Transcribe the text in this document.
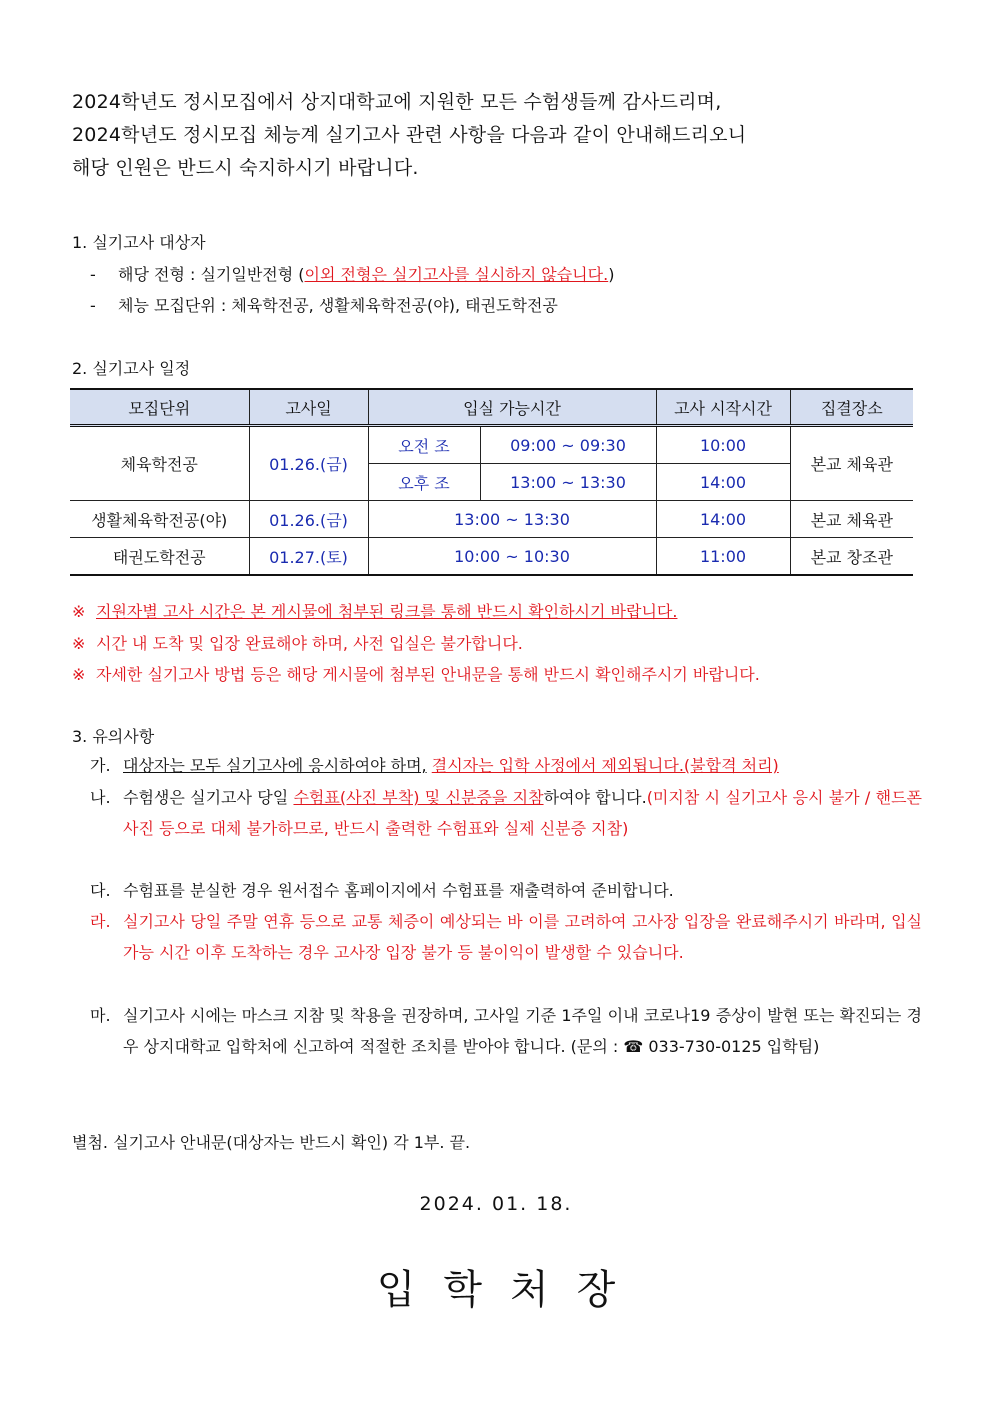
2024학년도 정시모집에서 상지대학교에 지원한 모든 수험생들께 감사드리며,
2024학년도 정시모집 체능계 실기고사 관련 사항을 다음과 같이 안내해드리오니
해당 인원은 반드시 숙지하시기 바랍니다.
1. 실기고사 대상자
- 해당 전형 : 실기일반전형 (이외 전형은 실기고사를 실시하지 않습니다.)
- 체능 모집단위 : 체육학전공, 생활체육학전공(야), 태권도학전공
2. 실기고사 일정
모집단위	고사일	입실 가능시간		고사 시작시간	집결장소
체육학전공	01.26.(금)	오전 조	09:00 ~ 09:30	10:00	본교 체육관
		오후 조	13:00 ~ 13:30	14:00	
생활체육학전공(야)	01.26.(금)	13:00 ~ 13:30		14:00	본교 체육관
태권도학전공	01.27.(토)	10:00 ~ 10:30		11:00	본교 창조관
※ 지원자별 고사 시간은 본 게시물에 첨부된 링크를 통해 반드시 확인하시기 바랍니다.
※ 시간 내 도착 및 입장 완료해야 하며, 사전 입실은 불가합니다.
※ 자세한 실기고사 방법 등은 해당 게시물에 첨부된 안내문을 통해 반드시 확인해주시기 바랍니다.
3. 유의사항
가. 대상자는 모두 실기고사에 응시하여야 하며, 결시자는 입학 사정에서 제외됩니다.(불합격 처리)
나. 수험생은 실기고사 당일 수험표(사진 부착) 및 신분증을 지참하여야 합니다.(미지참 시 실기고사 응시 불가 / 핸드폰 사진 등으로 대체 불가하므로, 반드시 출력한 수험표와 실제 신분증 지참)
다. 수험표를 분실한 경우 원서접수 홈페이지에서 수험표를 재출력하여 준비합니다.
라. 실기고사 당일 주말 연휴 등으로 교통 체증이 예상되는 바 이를 고려하여 고사장 입장을 완료해주시기 바라며, 입실 가능 시간 이후 도착하는 경우 고사장 입장 불가 등 불이익이 발생할 수 있습니다.
마. 실기고사 시에는 마스크 지참 및 착용을 권장하며, 고사일 기준 1주일 이내 코로나19 증상이 발현 또는 확진되는 경우 상지대학교 입학처에 신고하여 적절한 조치를 받아야 합니다. (문의 : ☎ 033-730-0125 입학팀)
별첨. 실기고사 안내문(대상자는 반드시 확인) 각 1부. 끝.
2024. 01. 18.
입학처장
